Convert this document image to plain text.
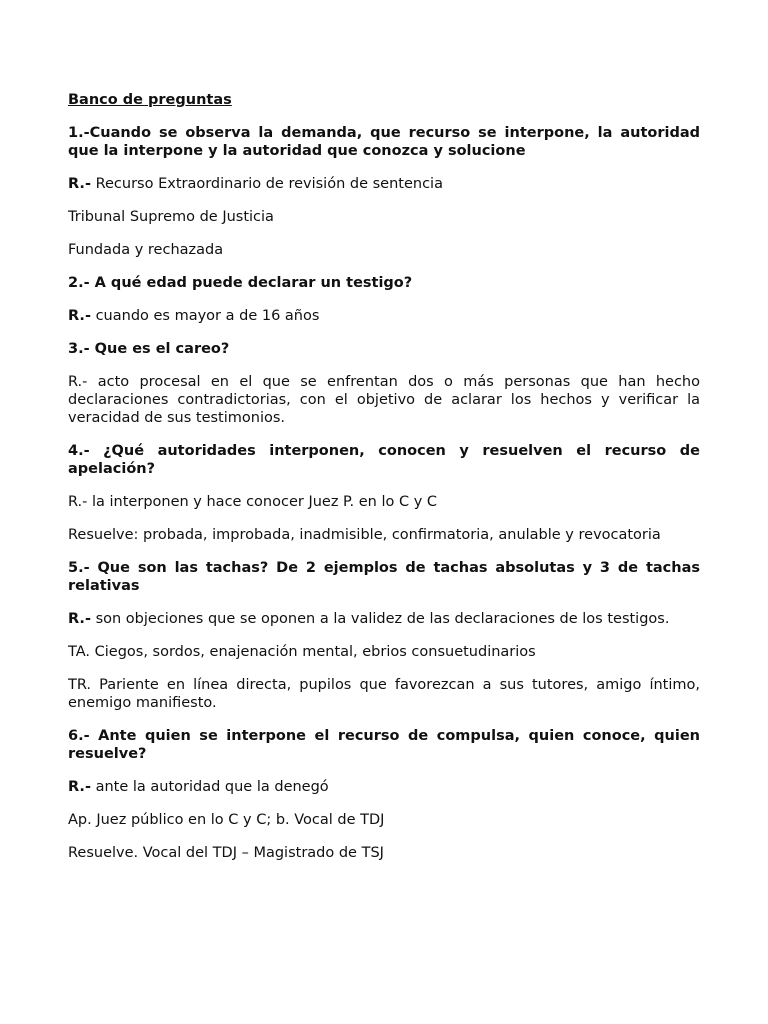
Banco de preguntas
1.-Cuando se observa la demanda, que recurso se interpone, la autoridad que la interpone y la autoridad que conozca y solucione
R.- Recurso Extraordinario de revisión de sentencia
Tribunal Supremo de Justicia
Fundada y rechazada
2.- A qué edad puede declarar un testigo?
R.- cuando es mayor a de 16 años
3.- Que es el careo?
R.- acto procesal en el que se enfrentan dos o más personas que han hecho declaraciones contradictorias, con el objetivo de aclarar los hechos y verificar la veracidad de sus testimonios.
4.- ¿Qué autoridades interponen, conocen y resuelven el recurso de apelación?
R.- la interponen y hace conocer Juez P. en lo C y C
Resuelve: probada, improbada, inadmisible, confirmatoria, anulable y revocatoria
5.- Que son las tachas? De 2 ejemplos de tachas absolutas y 3 de tachas relativas
R.- son objeciones que se oponen a la validez de las declaraciones de los testigos.
TA. Ciegos, sordos, enajenación mental, ebrios consuetudinarios
TR. Pariente en línea directa, pupilos que favorezcan a sus tutores, amigo íntimo, enemigo manifiesto.
6.- Ante quien se interpone el recurso de compulsa, quien conoce, quien resuelve?
R.- ante la autoridad que la denegó
Ap. Juez público en lo C y C; b. Vocal de TDJ
Resuelve. Vocal del TDJ – Magistrado de TSJ
